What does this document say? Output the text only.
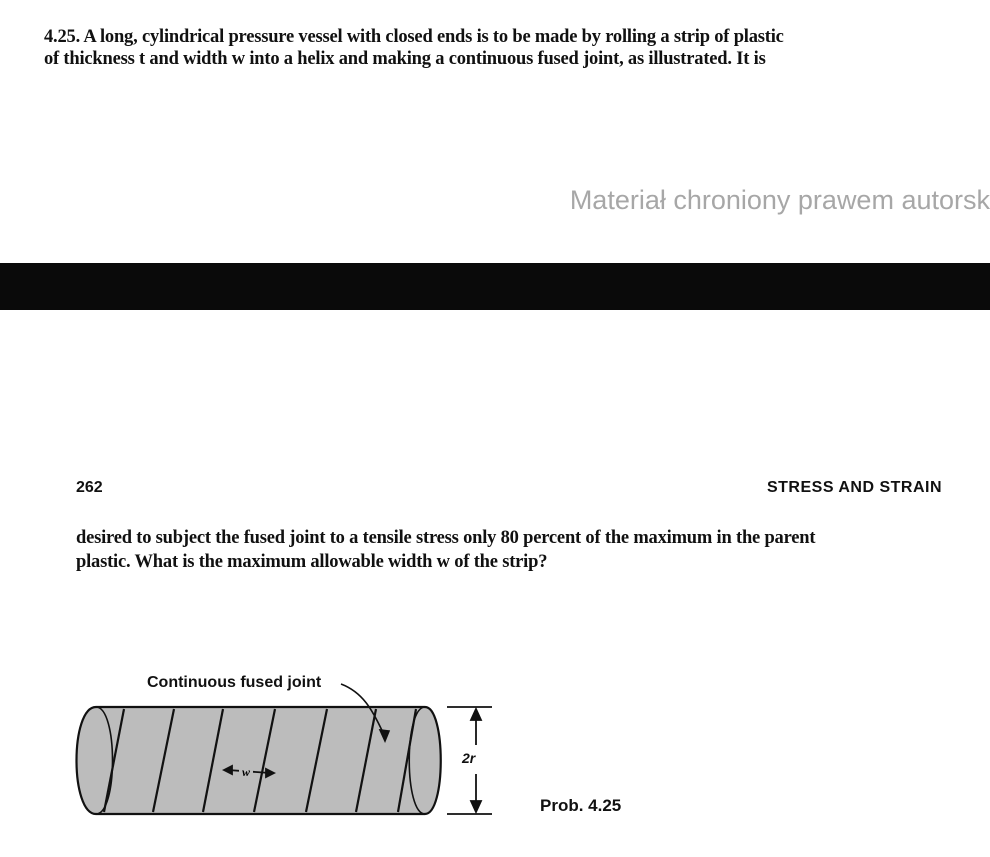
4.25. A long, cylindrical pressure vessel with closed ends is to be made by rolling a strip of plastic
of thickness t and width w into a helix and making a continuous fused joint, as illustrated. It is
Materiał chroniony prawem autorsk
262	STRESS AND STRAIN
desired to subject the fused joint to a tensile stress only 80 percent of the maximum in the parent
plastic. What is the maximum allowable width w of the strip?
w
Continuous fused joint
2r
Prob. 4.25
